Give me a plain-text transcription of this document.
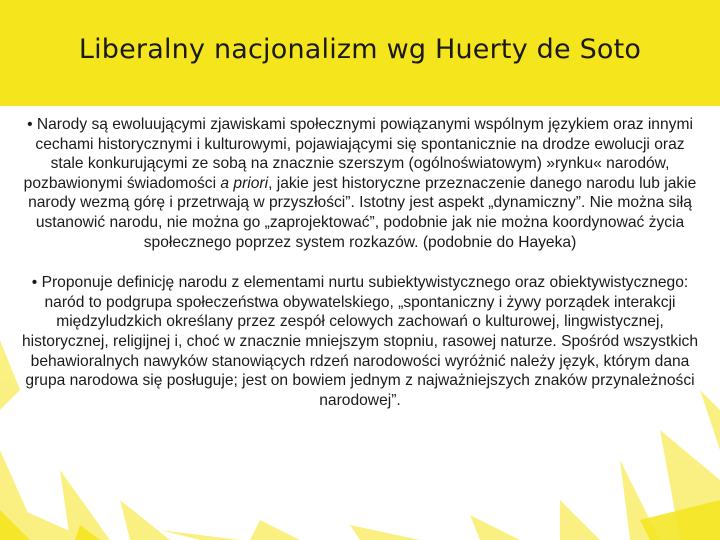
Liberalny nacjonalizm wg Huerty de Soto

• Narody są ewoluującymi zjawiskami społecznymi powiązanymi wspólnym językiem oraz innymi cechami historycznymi i kulturowymi, pojawiającymi się spontanicznie na drodze ewolucji oraz stale konkurującymi ze sobą na znacznie szerszym (ogólnoświatowym) »rynku« narodów, pozbawionymi świadomości a priori, jakie jest historyczne przeznaczenie danego narodu lub jakie narody wezmą górę i przetrwają w przyszłości”. Istotny jest aspekt „dynamiczny”. Nie można siłą ustanowić narodu, nie można go „zaprojektować”, podobnie jak nie można koordynować życia społecznego poprzez system rozkazów. (podobnie do Hayeka)

• Proponuje definicję narodu z elementami nurtu subiektywistycznego oraz obiektywistycznego: naród to podgrupa społeczeństwa obywatelskiego, „spontaniczny i żywy porządek interakcji międzyludzkich określany przez zespół celowych zachowań o kulturowej, lingwistycznej, historycznej, religijnej i, choć w znacznie mniejszym stopniu, rasowej naturze. Spośród wszystkich behawioralnych nawyków stanowiących rdzeń narodowości wyróżnić należy język, którym dana grupa narodowa się posługuje; jest on bowiem jednym z najważniejszych znaków przynależności narodowej”.
